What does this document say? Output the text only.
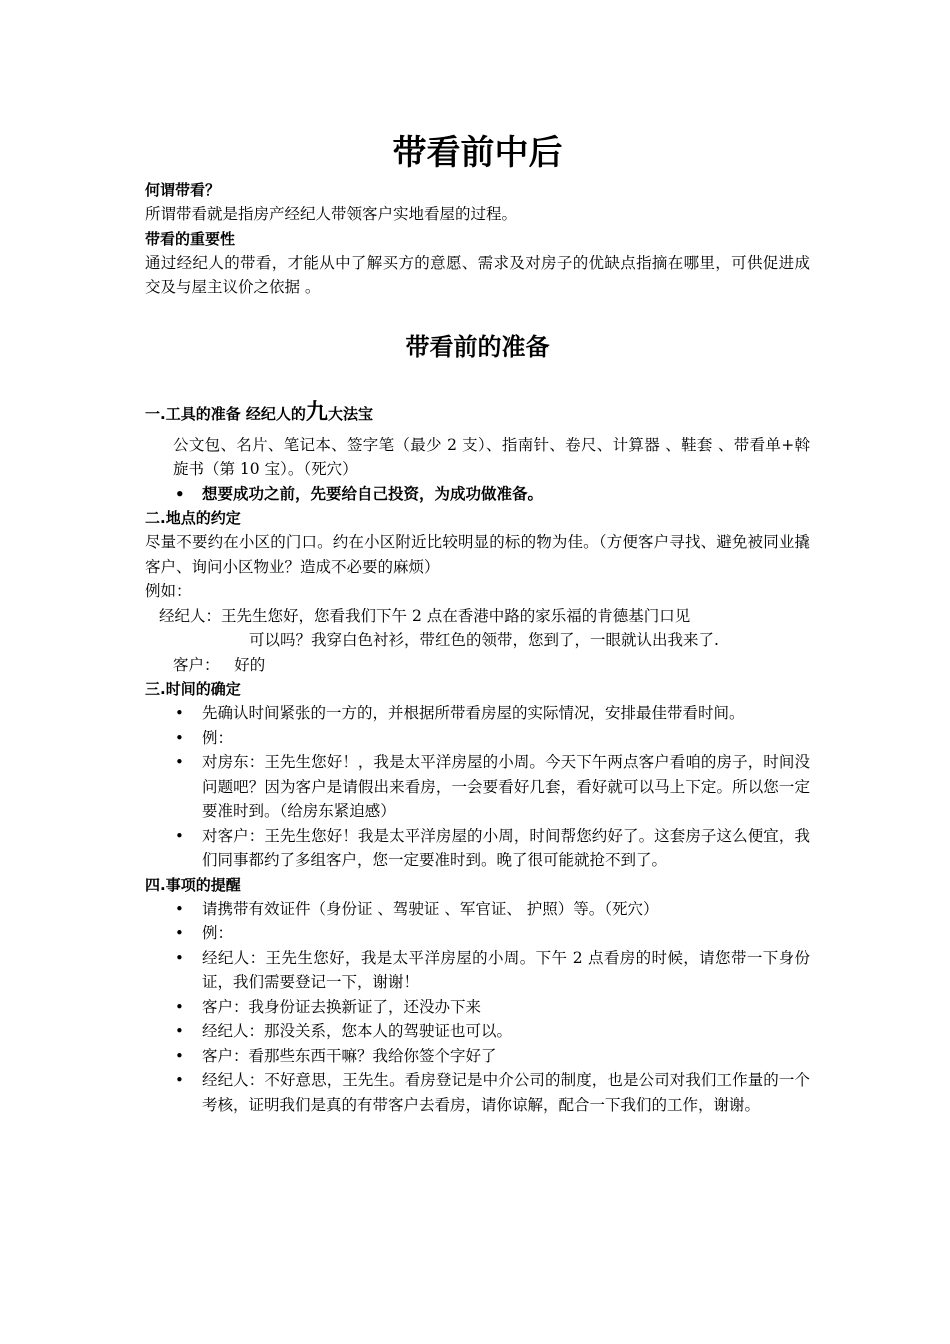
带看前中后

何谓带看？

所谓带看就是指房产经纪人带领客户实地看屋的过程。

带看的重要性

通过经纪人的带看，才能从中了解买方的意愿、需求及对房子的优缺点指摘在哪里，可供促进成交及与屋主议价之依据 。

带看前的准备

一.工具的准备 经纪人的九大法宝

公文包、名片、笔记本、签字笔（最少 2 支）、指南针、卷尺、计算器 、鞋套 、带看单+斡旋书（第 10 宝）。（死穴）

• 想要成功之前，先要给自己投资，为成功做准备。

二.地点的约定

尽量不要约在小区的门口。约在小区附近比较明显的标的物为佳。（方便客户寻找、避免被同业撬客户、询问小区物业？造成不必要的麻烦）

例如：

经纪人： 王先生您好，您看我们下午 2 点在香港中路的家乐福的肯德基门口见
可以吗？我穿白色衬衫，带红色的领带，您到了，一眼就认出我来了.
客户： 好的

三.时间的确定

• 先确认时间紧张的一方的，并根据所带看房屋的实际情况，安排最佳带看时间。
• 例：
• 对房东：王先生您好！，我是太平洋房屋的小周。今天下午两点客户看咱的房子，时间没问题吧？因为客户是请假出来看房，一会要看好几套，看好就可以马上下定。所以您一定要准时到。（给房东紧迫感）
• 对客户：王先生您好！我是太平洋房屋的小周，时间帮您约好了。这套房子这么便宜，我们同事都约了多组客户，您一定要准时到。晚了很可能就抢不到了。

四.事项的提醒

• 请携带有效证件（身份证 、驾驶证 、军官证、 护照）等。（死穴）
• 例：
• 经纪人：王先生您好，我是太平洋房屋的小周。下午 2 点看房的时候，请您带一下身份证，我们需要登记一下，谢谢！
• 客户：我身份证去换新证了，还没办下来
• 经纪人：那没关系，您本人的驾驶证也可以。
• 客户：看那些东西干嘛？我给你签个字好了
• 经纪人：不好意思，王先生。看房登记是中介公司的制度，也是公司对我们工作量的一个考核，证明我们是真的有带客户去看房，请你谅解，配合一下我们的工作，谢谢。
